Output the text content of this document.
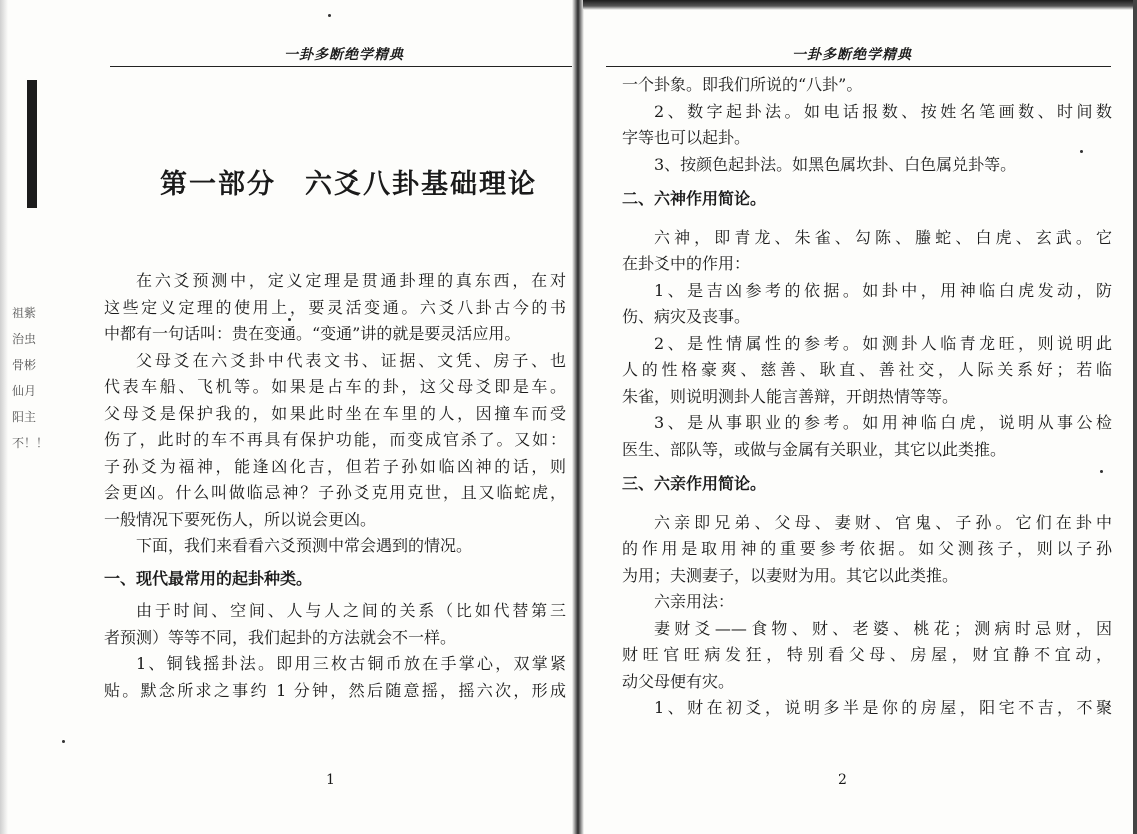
祖紫治虫 骨彬仙月阳主不！！
一卦多断绝学精典
第一部分　六爻八卦基础理论

在六爻预测中，定义定理是贯通卦理的真东西，在对

这些定义定理的使用上，要灵活变通。六爻八卦古今的书

中都有一句话叫：贵在变通。“变通”讲的就是要灵活应用。

父母爻在六爻卦中代表文书、证据、文凭、房子、也

代表车船、飞机等。如果是占车的卦，这父母爻即是车。

父母爻是保护我的，如果此时坐在车里的人，因撞车而受

伤了，此时的车不再具有保护功能，而变成官杀了。又如：

子孙爻为福神，能逢凶化吉，但若子孙如临凶神的话，则

会更凶。什么叫做临忌神？子孙爻克用克世，且又临蛇虎，

一般情况下要死伤人，所以说会更凶。

下面，我们来看看六爻预测中常会遇到的情况。

一、现代最常用的起卦种类。

由于时间、空间、人与人之间的关系（比如代替第三

者预测）等等不同，我们起卦的方法就会不一样。

1、铜钱摇卦法。即用三枚古铜币放在手掌心，双掌紧

贴。默念所求之事约 1 分钟，然后随意摇，摇六次，形成

1
一卦多断绝学精典

一个卦象。即我们所说的“八卦”。

2、数字起卦法。如电话报数、按姓名笔画数、时间数

字等也可以起卦。

3、按颜色起卦法。如黑色属坎卦、白色属兑卦等。

二、六神作用简论。

六神，即青龙、朱雀、勾陈、螣蛇、白虎、玄武。它

在卦爻中的作用：

1、是吉凶参考的依据。如卦中，用神临白虎发动，防

伤、病灾及丧事。

2、是性情属性的参考。如测卦人临青龙旺，则说明此

人的性格豪爽、慈善、耿直、善社交，人际关系好；若临

朱雀，则说明测卦人能言善辩，开朗热情等等。

3、是从事职业的参考。如用神临白虎，说明从事公检

医生、部队等，或做与金属有关职业，其它以此类推。

三、六亲作用简论。

六亲即兄弟、父母、妻财、官鬼、子孙。它们在卦中

的作用是取用神的重要参考依据。如父测孩子，则以子孙

为用；夫测妻子，以妻财为用。其它以此类推。

六亲用法：

妻财爻——食物、财、老婆、桃花；测病时忌财，因

财旺官旺病发狂，特别看父母、房屋，财宜静不宜动，

动父母便有灾。

1、财在初爻，说明多半是你的房屋，阳宅不吉，不聚

2
